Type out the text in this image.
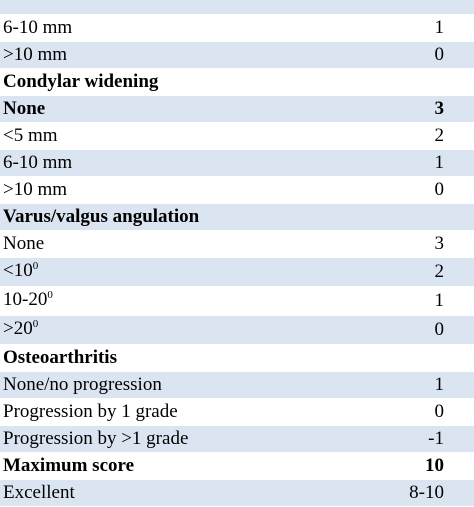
6-10 mm	1
>10 mm	0
Condylar widening	
None	3
<5 mm	2
6-10 mm	1
>10 mm	0
Varus/valgus angulation	
None	3
$<10^0$	2
$10-20^0$	1
$>20^0$	0
Osteoarthritis	
None/no progression	1
Progression by 1 grade	0
Progression by >1 grade	-1
Maximum score	10
Excellent	8-10
